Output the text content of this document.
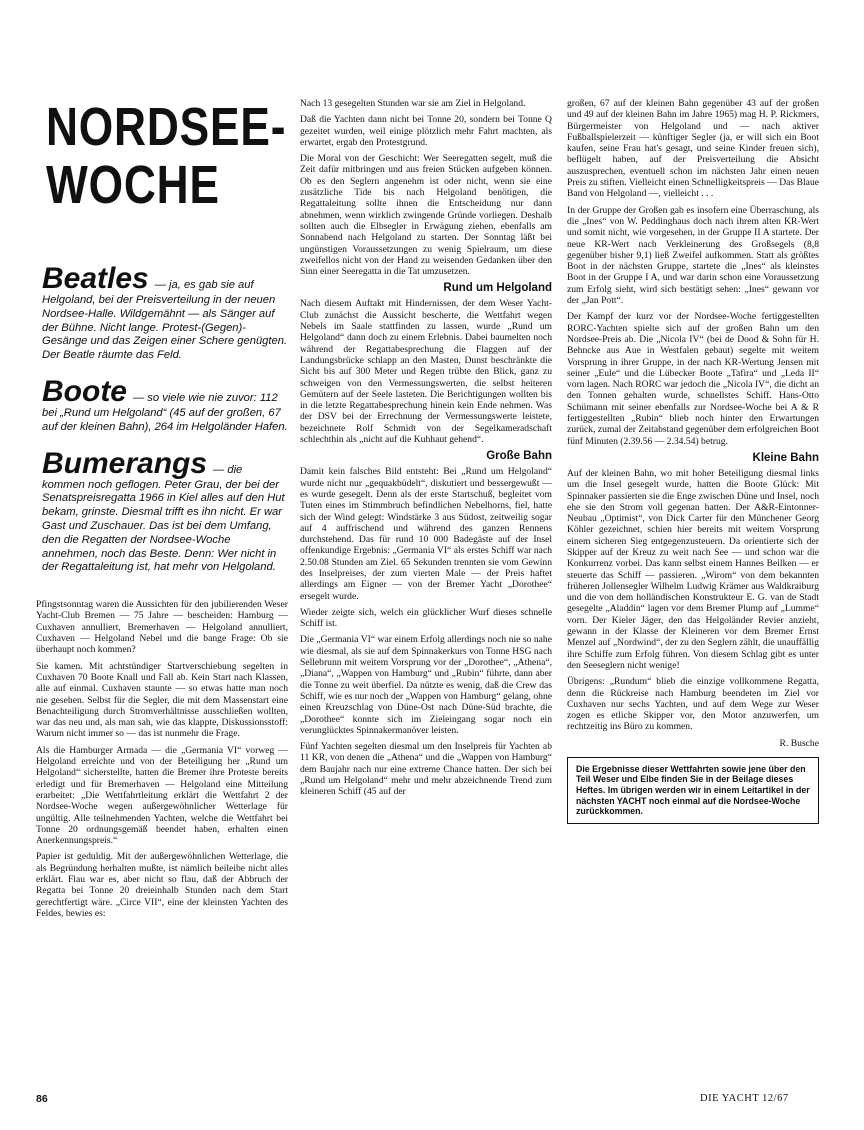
NORDSEE-
WOCHE

Beatles — ja, es gab sie auf Helgoland, bei der Preisverteilung in der neuen Nordsee-Halle. Wildgemähnt — als Sänger auf der Bühne. Nicht lange. Protest-(Gegen)-Gesänge und das Zeigen einer Schere genügten. Der Beatle räumte das Feld.

Boote — so viele wie nie zuvor: 112 bei „Rund um Helgoland“ (45 auf der großen, 67 auf der kleinen Bahn), 264 im Helgoländer Hafen.

Bumerangs — die kommen noch geflogen. Peter Grau, der bei der Senatspreisregatta 1966 in Kiel alles auf den Hut bekam, grinste. Diesmal trifft es ihn nicht. Er war Gast und Zuschauer. Das ist bei dem Umfang, den die Regatten der Nordsee-Woche annehmen, noch das Beste. Denn: Wer nicht in der Regattaleitung ist, hat mehr von Helgoland.

Pfingstsonntag waren die Aussichten für den jubilierenden Weser Yacht-Club Bremen — 75 Jahre — bescheiden: Hamburg — Cuxhaven annulliert, Bremerhaven — Helgoland annulliert, Cuxhaven — Helgoland Nebel und die bange Frage: Ob sie überhaupt noch kommen?

Sie kamen. Mit achtstündiger Startverschiebung segelten in Cuxhaven 70 Boote Knall und Fall ab. Kein Start nach Klassen, alle auf einmal. Cuxhaven staunte — so etwas hatte man noch nie gesehen. Selbst für die Segler, die mit dem Massenstart eine Benachteiligung durch Stromverhältnisse ausschließen wollten, war das neu und, als man sah, wie das klappte, Diskussionsstoff: Warum nicht immer so — das ist nunmehr die Frage.

Als die Hamburger Armada — die „Germania VI“ vorweg — Helgoland erreichte und von der Beteiligung her „Rund um Helgoland“ sicherstellte, hatten die Bremer ihre Proteste bereits erledigt und für Bremerhaven — Helgoland eine Mitteilung erarbeitet: „Die Wettfahrtleitung erklärt die Wettfahrt 2 der Nordsee-Woche wegen außergewöhnlicher Wetterlage für ungültig. Alle teilnehmenden Yachten, welche die Wettfahrt bei Tonne 20 ordnungsgemäß beendet haben, erhalten einen Anerkennungspreis.“

Papier ist geduldig. Mit der außergewöhnlichen Wetterlage, die als Begründung herhalten mußte, ist nämlich beileibe nicht alles erklärt. Flau war es, aber nicht so flau, daß der Abbruch der Regatta bei Tonne 20 dreieinhalb Stunden nach dem Start gerechtfertigt wäre. „Circe VII“, eine der kleinsten Yachten des Feldes, bewies es:

Nach 13 gesegelten Stunden war sie am Ziel in Helgoland.

Daß die Yachten dann nicht bei Tonne 20, sondern bei Tonne Q gezeitet wurden, weil einige plötzlich mehr Fahrt machten, als erwartet, ergab den Protestgrund.

Die Moral von der Geschicht: Wer Seeregatten segelt, muß die Zeit dafür mitbringen und aus freien Stücken aufgeben können. Ob es den Seglern angenehm ist oder nicht, wenn sie eine zusätzliche Tide bis nach Helgoland benötigen, die Regattaleitung sollte ihnen die Entscheidung nur dann abnehmen, wenn wirklich zwingende Gründe vorliegen. Deshalb sollten auch die Elbsegler in Erwägung ziehen, ebenfalls am Sonnabend nach Helgoland zu starten. Der Sonntag läßt bei ungünstigen Voraussetzungen zu wenig Spielraum, um diese zweifellos nicht von der Hand zu weisenden Gedanken über den Sinn einer Seeregatta in die Tat umzusetzen.

Rund um Helgoland

Nach diesem Auftakt mit Hindernissen, der dem Weser Yacht-Club zunächst die Aussicht bescherte, die Wettfahrt wegen Nebels im Saale stattfinden zu lassen, wurde „Rund um Helgoland“ dann doch zu einem Erlebnis. Dabei baumelten noch während der Regattabesprechung die Flaggen auf der Landungsbrücke schlapp an den Masten, Dunst beschränkte die Sicht bis auf 300 Meter und Regen trübte den Blick, ganz zu schweigen von den Vermessungswerten, die selbst heiteren Gemütern auf der Seele lasteten. Die Berichtigungen wollten bis in die letzte Regattabesprechung hinein kein Ende nehmen. Was der DSV bei der Errechnung der Vermessungswerte leistete, bezeichnete Rolf Schmidt von der Segelkameradschaft schlechthin als „nicht auf die Kuhhaut gehend“.

Große Bahn

Damit kein falsches Bild entsteht: Bei „Rund um Helgoland“ wurde nicht nur „gequakbüdelt“, diskutiert und bessergewußt — es wurde gesegelt. Denn als der erste Startschuß, begleitet vom Tuten eines im Stimmbruch befindlichen Nebelhorns, fiel, hatte sich der Wind gelegt: Windstärke 3 aus Südost, zeitweilig sogar auf 4 auffrischend und während des ganzen Rennens durchstehend. Das für rund 10 000 Badegäste auf der Insel offenkundige Ergebnis: „Germania VI“ als erstes Schiff war nach 2.50.08 Stunden am Ziel. 65 Sekunden trennten sie vom Gewinn des Inselpreises, der zum vierten Male — der Preis haftet allerdings am Eigner — von der Bremer Yacht „Dorothee“ ersegelt wurde.

Wieder zeigte sich, welch ein glücklicher Wurf dieses schnelle Schiff ist.

Die „Germania VI“ war einem Erfolg allerdings noch nie so nahe wie diesmal, als sie auf dem Spinnakerkurs von Tonne HSG nach Sellebrunn mit weitem Vorsprung vor der „Dorothee“, „Athena“, „Diana“, „Wappen von Hamburg“ und „Rubin“ führte, dann aber die Tonne zu weit überfiel. Da nützte es wenig, daß die Crew das Schiff, wie es nur noch der „Wappen von Hamburg“ gelang, ohne einen Kreuzschlag von Düne-Ost nach Düne-Süd brachte, die „Dorothee“ konnte sich im Zieleingang sogar noch ein verunglücktes Spinnakermanöver leisten.

Fünf Yachten segelten diesmal um den Inselpreis für Yachten ab 11 KR, von denen die „Athena“ und die „Wappen von Hamburg“ dem Baujahr nach nur eine extreme Chance hatten. Der sich bei „Rund um Helgoland“ mehr und mehr abzeichnende Trend zum kleineren Schiff (45 auf der

großen, 67 auf der kleinen Bahn gegenüber 43 auf der großen und 49 auf der kleinen Bahn im Jahre 1965) mag H. P. Rickmers, Bürgermeister von Helgoland und — nach aktiver Fußballspielerzeit — künftiger Segler (ja, er will sich ein Boot kaufen, seine Frau hat's gesagt, und seine Kinder freuen sich), beflügelt haben, auf der Preisverteilung die Absicht auszusprechen, eventuell schon im nächsten Jahr einen neuen Preis zu stiften. Vielleicht einen Schnelligkeitspreis — Das Blaue Band von Helgoland —, vielleicht . . .

In der Gruppe der Großen gab es insofern eine Überraschung, als die „Ines“ von W. Peddinghaus doch nach ihrem alten KR-Wert und somit nicht, wie vorgesehen, in der Gruppe II A startete. Der neue KR-Wert nach Verkleinerung des Großsegels (8,8 gegenüber bisher 9,1) ließ Zweifel aufkommen. Statt als größtes Boot in der nächsten Gruppe, startete die „Ines“ als kleinstes Boot in der Gruppe I A, und war darin schon eine Voraussetzung zum Erfolg sieht, wird sich bestätigt sehen: „Ines“ gewann vor der „Jan Pott“.

Der Kampf der kurz vor der Nordsee-Woche fertiggestellten RORC-Yachten spielte sich auf der großen Bahn um den Nordsee-Preis ab. Die „Nicola IV“ (bei de Dood & Sohn für H. Behncke aus Aue in Westfalen gebaut) segelte mit weitem Vorsprung in ihrer Gruppe, in der nach KR-Wertung Jensen mit seiner „Eule“ und die Lübecker Boote „Tafira“ und „Leda II“ vorn lagen. Nach RORC war jedoch die „Nicola IV“, die dicht an den Tonnen gehalten wurde, schnellstes Schiff. Hans-Otto Schümann mit seiner ebenfalls zur Nordsee-Woche bei A & R fertiggestellten „Rubin“ blieb noch hinter den Erwartungen zurück, zumal der Zeitabstand gegenüber dem erfolgreichen Boot fünf Minuten (2.39.56 — 2.34.54) betrug.

Kleine Bahn

Auf der kleinen Bahn, wo mit hoher Beteiligung diesmal links um die Insel gesegelt wurde, hatten die Boote Glück: Mit Spinnaker passierten sie die Enge zwischen Düne und Insel, noch ehe sie den Strom voll gegenan hatten. Der A&R-Eintonner-Neubau „Optimist“, von Dick Carter für den Münchener Georg Köhler gezeichnet, schien hier bereits mit weitem Vorsprung einem sicheren Sieg entgegenzusteuern. Da orientierte sich der Skipper auf der Kreuz zu weit nach See — und schon war die Konkurrenz vorbei. Das kann selbst einem Hannes Beilken — er steuerte das Schiff — passieren. „Wirom“ von dem bekannten früheren Jollensegler Wilhelm Ludwig Krämer aus Waldkraiburg und die von dem holländischen Konstrukteur E. G. van de Stadt gesegelte „Aladdin“ lagen vor dem Bremer Plump auf „Lumme“ vorn. Der Kieler Jäger, den das Helgoländer Revier anzieht, gewann in der Klasse der Kleineren vor dem Bremer Ernst Menzel auf „Nordwind“, der zu den Seglern zählt, die unauffällig ihre Schiffe zum Erfolg führen. Von diesem Schlag gibt es unter den Seeseglern nicht wenige!

Übrigens: „Rundum“ blieb die einzige vollkommene Regatta, denn die Rückreise nach Hamburg beendeten im Ziel vor Cuxhaven nur sechs Yachten, und auf dem Wege zur Weser zogen es etliche Skipper vor, den Motor anzuwerfen, um rechtzeitig ins Büro zu kommen.

R. Busche
Die Ergebnisse dieser Wettfahrten sowie jene über den Teil Weser und Elbe finden Sie in der Beilage dieses Heftes. Im übrigen werden wir in einem Leitartikel in der nächsten YACHT noch einmal auf die Nordsee-Woche zurückkommen.
86	DIE YACHT 12/67
